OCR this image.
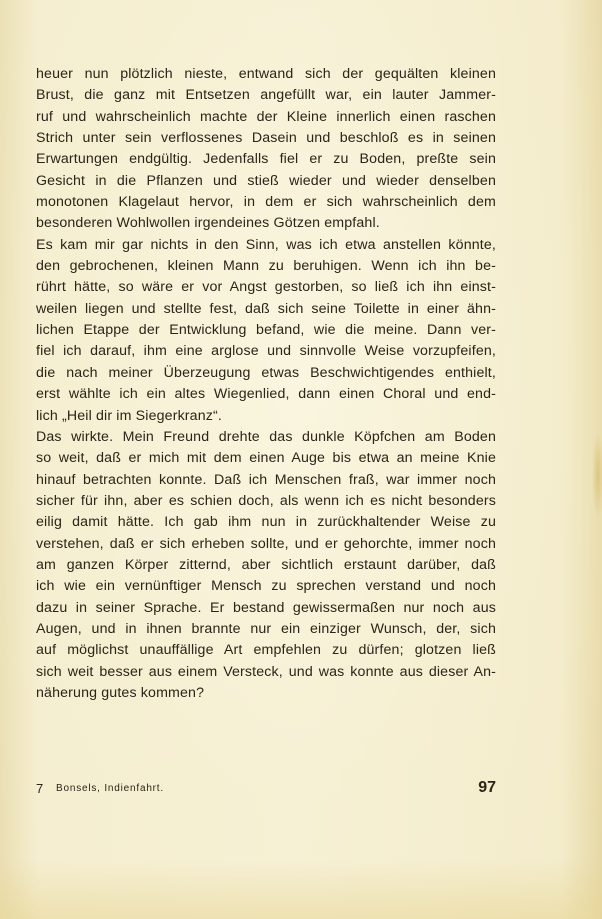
heuer nun plötzlich nieste, entwand sich der gequälten kleinen
Brust, die ganz mit Entsetzen angefüllt war, ein lauter Jammer-
ruf und wahrscheinlich machte der Kleine innerlich einen raschen
Strich unter sein verflossenes Dasein und beschloß es in seinen
Erwartungen endgültig. Jedenfalls fiel er zu Boden, preßte sein
Gesicht in die Pflanzen und stieß wieder und wieder denselben
monotonen Klagelaut hervor, in dem er sich wahrscheinlich dem
besonderen Wohlwollen irgendeines Götzen empfahl.

Es kam mir gar nichts in den Sinn, was ich etwa anstellen könnte,
den gebrochenen, kleinen Mann zu beruhigen. Wenn ich ihn be-
rührt hätte, so wäre er vor Angst gestorben, so ließ ich ihn einst-
weilen liegen und stellte fest, daß sich seine Toilette in einer ähn-
lichen Etappe der Entwicklung befand, wie die meine. Dann ver-
fiel ich darauf, ihm eine arglose und sinnvolle Weise vorzupfeifen,
die nach meiner Überzeugung etwas Beschwichtigendes enthielt,
erst wählte ich ein altes Wiegenlied, dann einen Choral und end-
lich „Heil dir im Siegerkranz“.

Das wirkte. Mein Freund drehte das dunkle Köpfchen am Boden
so weit, daß er mich mit dem einen Auge bis etwa an meine Knie
hinauf betrachten konnte. Daß ich Menschen fraß, war immer noch
sicher für ihn, aber es schien doch, als wenn ich es nicht besonders
eilig damit hätte. Ich gab ihm nun in zurückhaltender Weise zu
verstehen, daß er sich erheben sollte, und er gehorchte, immer noch
am ganzen Körper zitternd, aber sichtlich erstaunt darüber, daß
ich wie ein vernünftiger Mensch zu sprechen verstand und noch
dazu in seiner Sprache. Er bestand gewissermaßen nur noch aus
Augen, und in ihnen brannte nur ein einziger Wunsch, der, sich
auf möglichst unauffällige Art empfehlen zu dürfen; glotzen ließ
sich weit besser aus einem Versteck, und was konnte aus dieser An-
näherung gutes kommen?

7 Bonsels, Indienfahrt.	97
